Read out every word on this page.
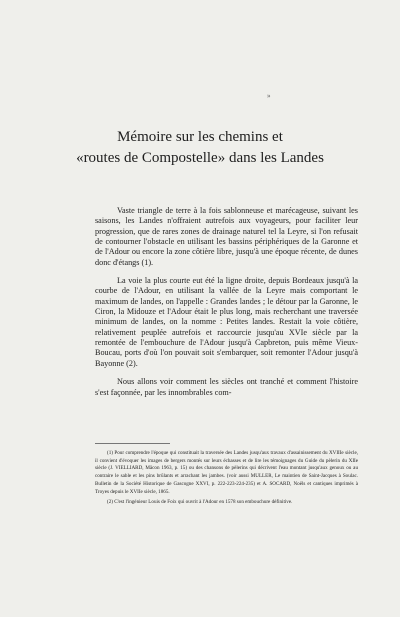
»
Mémoire sur les chemins et
«routes de Compostelle» dans les Landes

Vaste triangle de terre à la fois sablonneuse et marécageuse, suivant les saisons, les Landes n'offraient autrefois aux voyageurs, pour faciliter leur progression, que de rares zones de drainage naturel tel la Leyre, si l'on refusait de contourner l'obstacle en utilisant les bassins périphériques de la Garonne et de l'Adour ou encore la zone côtière libre, jusqu'à une époque récente, de dunes donc d'étangs (1).

La voie la plus courte eut été la ligne droite, depuis Bordeaux jusqu'à la courbe de l'Adour, en utilisant la vallée de la Leyre mais comportant le maximum de landes, on l'appelle : Grandes landes ; le détour par la Garonne, le Ciron, la Midouze et l'Adour était le plus long, mais recherchant une traversée minimum de landes, on la nomme : Petites landes. Restait la voie côtière, relativement peuplée autrefois et raccourcie jusqu'au XVIe siècle par la remontée de l'embouchure de l'Adour jusqu'à Capbreton, puis même Vieux-Boucau, ports d'où l'on pouvait soit s'embarquer, soit remonter l'Adour jusqu'à Bayonne (2).

Nous allons voir comment les siècles ont tranché et comment l'histoire s'est façonnée, par les innombrables com-

(1) Pour comprendre l'époque qui constituait la traversée des Landes jusqu'aux travaux d'assainissement du XVIIIe siècle, il convient d'évoquer les images de bergers montés sur leurs échasses et de lire les témoignages du Guide du pèlerin du XIIe siècle (J. VIELLIARD, Mâcon 1963, p. 15) ou des chansons de pèlerins qui décrivent l'eau montant jusqu'aux genoux ou au contraire le sable et les pins brûlants et arrachant les jambes. (voir aussi MULLER, Le maintien de Saint-Jacques à Soulac. Bulletin de la Société Historique de Gascogne XXVI, p. 222-223-224-235) et A. SOCARD, Noëls et cantiques imprimés à Troyes depuis le XVIIe siècle, 1865.

(2) C'est l'ingénieur Louis de Foix qui ouvrit à l'Adour en 1578 son embouchure définitive.
